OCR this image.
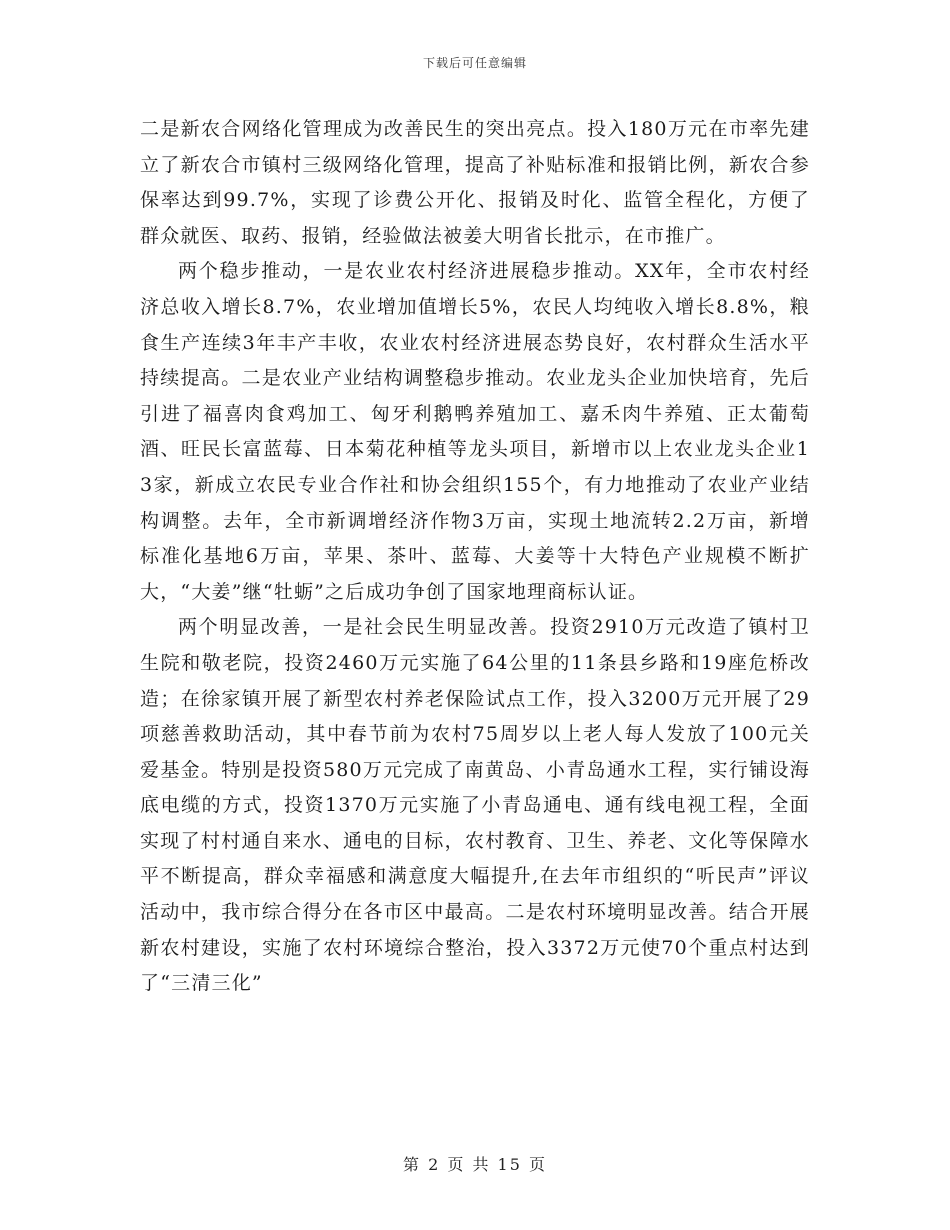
下载后可任意编辑

二是新农合网络化管理成为改善民生的突出亮点。投入180万元在市率先建立了新农合市镇村三级网络化管理，提高了补贴标准和报销比例，新农合参保率达到99.7%，实现了诊费公开化、报销及时化、监管全程化，方便了群众就医、取药、报销，经验做法被姜大明省长批示，在市推广。

两个稳步推动，一是农业农村经济进展稳步推动。XX年，全市农村经济总收入增长8.7%，农业增加值增长5%，农民人均纯收入增长8.8%，粮食生产连续3年丰产丰收，农业农村经济进展态势良好，农村群众生活水平持续提高。二是农业产业结构调整稳步推动。农业龙头企业加快培育，先后引进了福喜肉食鸡加工、匈牙利鹅鸭养殖加工、嘉禾肉牛养殖、正太葡萄酒、旺民长富蓝莓、日本菊花种植等龙头项目，新增市以上农业龙头企业13家，新成立农民专业合作社和协会组织155个，有力地推动了农业产业结构调整。去年，全市新调增经济作物3万亩，实现土地流转2.2万亩，新增标准化基地6万亩，苹果、茶叶、蓝莓、大姜等十大特色产业规模不断扩大，“大姜”继“牡蛎”之后成功争创了国家地理商标认证。

两个明显改善，一是社会民生明显改善。投资2910万元改造了镇村卫生院和敬老院，投资2460万元实施了64公里的11条县乡路和19座危桥改造；在徐家镇开展了新型农村养老保险试点工作，投入3200万元开展了29项慈善救助活动，其中春节前为农村75周岁以上老人每人发放了100元关爱基金。特别是投资580万元完成了南黄岛、小青岛通水工程，实行铺设海底电缆的方式，投资1370万元实施了小青岛通电、通有线电视工程，全面实现了村村通自来水、通电的目标，农村教育、卫生、养老、文化等保障水平不断提高，群众幸福感和满意度大幅提升,在去年市组织的“听民声”评议活动中，我市综合得分在各市区中最高。二是农村环境明显改善。结合开展新农村建设，实施了农村环境综合整治，投入3372万元使70个重点村达到了“三清三化”

第 2 页 共 15 页
